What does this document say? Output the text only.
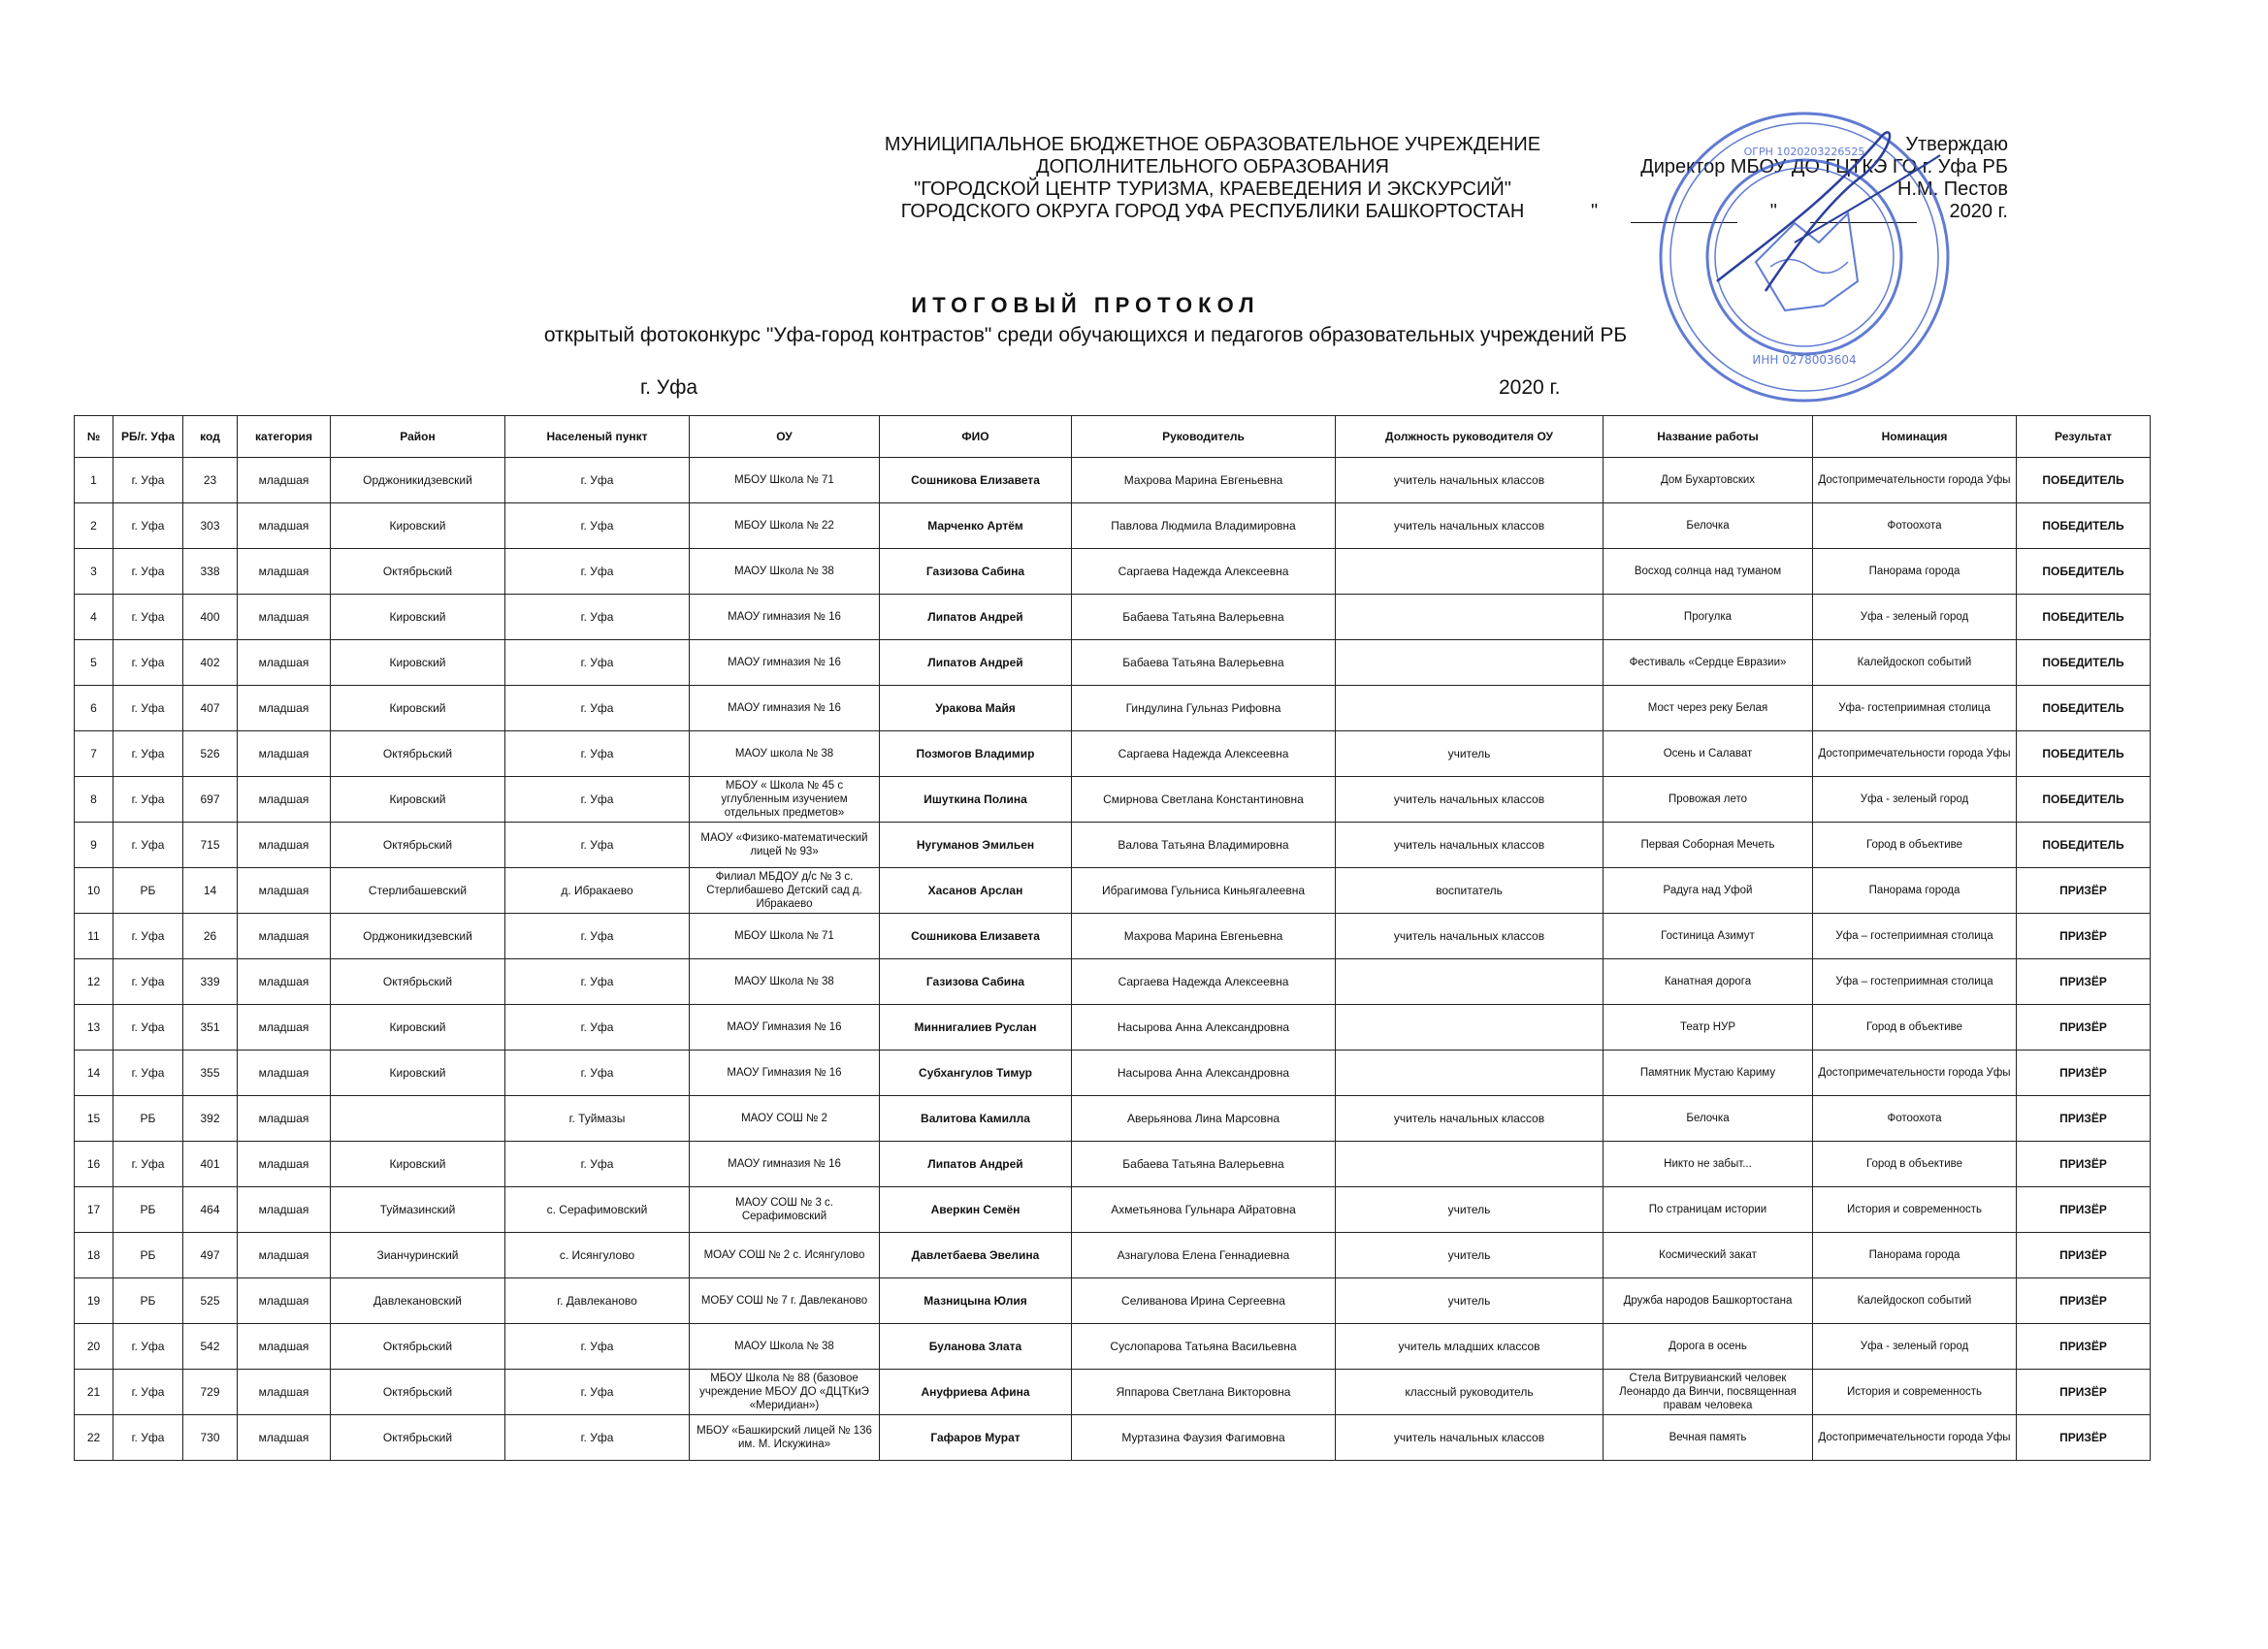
МУНИЦИПАЛЬНОЕ БЮДЖЕТНОЕ ОБРАЗОВАТЕЛЬНОЕ УЧРЕЖДЕНИЕ
ДОПОЛНИТЕЛЬНОГО ОБРАЗОВАНИЯ
"ГОРОДСКОЙ ЦЕНТР ТУРИЗМА, КРАЕВЕДЕНИЯ И ЭКСКУРСИЙ"
ГОРОДСКОГО ОКРУГА ГОРОД УФА РЕСПУБЛИКИ БАШКОРТОСТАН
Утверждаю
Директор МБОУ ДО ГЦТКЭ ГО г. Уфа РБ
Н.М. Пестов
"	"	2020 г.
ОГРН 1020203226525
ИНН 0278003604
ИТОГОВЫЙ ПРОТОКОЛ
открытый фотоконкурс "Уфа-город контрастов" среди обучающихся и педагогов образовательных учреждений РБ
г. Уфа	2020 г.
№	РБ/г. Уфа	код	категория	Район	Населеный пункт	ОУ	ФИО	Руководитель	Должность руководителя ОУ	Название работы	Номинация	Результат
1	г. Уфа	23	младшая	Орджоникидзевский	г. Уфа	МБОУ Школа № 71	Сошникова Елизавета	Махрова Марина Евгеньевна	учитель начальных классов	Дом Бухартовских	Достопримечательности города Уфы	ПОБЕДИТЕЛЬ
2	г. Уфа	303	младшая	Кировский	г. Уфа	МБОУ Школа № 22	Марченко Артём	Павлова Людмила Владимировна	учитель начальных классов	Белочка	Фотоохота	ПОБЕДИТЕЛЬ
3	г. Уфа	338	младшая	Октябрьский	г. Уфа	МАОУ Школа № 38	Газизова Сабина	Саргаева Надежда Алексеевна		Восход солнца над туманом	Панорама города	ПОБЕДИТЕЛЬ
4	г. Уфа	400	младшая	Кировский	г. Уфа	МАОУ гимназия № 16	Липатов Андрей	Бабаева Татьяна Валерьевна		Прогулка	Уфа - зеленый город	ПОБЕДИТЕЛЬ
5	г. Уфа	402	младшая	Кировский	г. Уфа	МАОУ гимназия № 16	Липатов Андрей	Бабаева Татьяна Валерьевна		Фестиваль «Сердце Евразии»	Калейдоскоп событий	ПОБЕДИТЕЛЬ
6	г. Уфа	407	младшая	Кировский	г. Уфа	МАОУ гимназия № 16	Уракова Майя	Гиндулина Гульназ Рифовна		Мост через реку Белая	Уфа- гостеприимная столица	ПОБЕДИТЕЛЬ
7	г. Уфа	526	младшая	Октябрьский	г. Уфа	МАОУ школа № 38	Позмогов Владимир	Саргаева Надежда Алексеевна	учитель	Осень и Салават	Достопримечательности города Уфы	ПОБЕДИТЕЛЬ
8	г. Уфа	697	младшая	Кировский	г. Уфа	МБОУ « Школа № 45 с углубленным изучением отдельных предметов»	Ишуткина Полина	Смирнова Светлана Константиновна	учитель начальных классов	Провожая лето	Уфа - зеленый город	ПОБЕДИТЕЛЬ
9	г. Уфа	715	младшая	Октябрьский	г. Уфа	МАОУ «Физико-математический лицей № 93»	Нугуманов Эмильен	Валова Татьяна Владимировна	учитель начальных классов	Первая Соборная Мечеть	Город в объективе	ПОБЕДИТЕЛЬ
10	РБ	14	младшая	Стерлибашевский	д. Ибракаево	Филиал МБДОУ д/с № 3 с. Стерлибашево Детский сад д. Ибракаево	Хасанов Арслан	Ибрагимова Гульниса Киньягалеевна	воспитатель	Радуга над Уфой	Панорама города	ПРИЗЁР
11	г. Уфа	26	младшая	Орджоникидзевский	г. Уфа	МБОУ Школа № 71	Сошникова Елизавета	Махрова Марина Евгеньевна	учитель начальных классов	Гостиница Азимут	Уфа – гостеприимная столица	ПРИЗЁР
12	г. Уфа	339	младшая	Октябрьский	г. Уфа	МАОУ Школа № 38	Газизова Сабина	Саргаева Надежда Алексеевна		Канатная дорога	Уфа – гостеприимная столица	ПРИЗЁР
13	г. Уфа	351	младшая	Кировский	г. Уфа	МАОУ Гимназия № 16	Миннигалиев Руслан	Насырова Анна Александровна		Театр НУР	Город в объективе	ПРИЗЁР
14	г. Уфа	355	младшая	Кировский	г. Уфа	МАОУ Гимназия № 16	Субхангулов Тимур	Насырова Анна Александровна		Памятник Мустаю Кариму	Достопримечательности города Уфы	ПРИЗЁР
15	РБ	392	младшая		г. Туймазы	МАОУ СОШ № 2	Валитова Камилла	Аверьянова Лина Марсовна	учитель начальных классов	Белочка	Фотоохота	ПРИЗЁР
16	г. Уфа	401	младшая	Кировский	г. Уфа	МАОУ гимназия № 16	Липатов Андрей	Бабаева Татьяна Валерьевна		Никто не забыт...	Город в объективе	ПРИЗЁР
17	РБ	464	младшая	Туймазинский	с. Серафимовский	МАОУ СОШ № 3 с. Серафимовский	Аверкин Семён	Ахметьянова Гульнара Айратовна	учитель	По страницам истории	История и современность	ПРИЗЁР
18	РБ	497	младшая	Зианчуринский	с. Исянгулово	МОАУ СОШ № 2 с. Исянгулово	Давлетбаева Эвелина	Азнагулова Елена Геннадиевна	учитель	Космический закат	Панорама города	ПРИЗЁР
19	РБ	525	младшая	Давлекановский	г. Давлеканово	МОБУ СОШ № 7 г. Давлеканово	Мазницына Юлия	Селиванова Ирина Сергеевна	учитель	Дружба народов Башкортостана	Калейдоскоп событий	ПРИЗЁР
20	г. Уфа	542	младшая	Октябрьский	г. Уфа	МАОУ Школа № 38	Буланова Злата	Суслопарова Татьяна Васильевна	учитель младших классов	Дорога в осень	Уфа - зеленый город	ПРИЗЁР
21	г. Уфа	729	младшая	Октябрьский	г. Уфа	МБОУ Школа № 88 (базовое учреждение МБОУ ДО «ДЦТКиЭ «Меридиан»)	Ануфриева Афина	Яппарова Светлана Викторовна	классный руководитель	Стела Витрувианский человек Леонардо да Винчи, посвященная правам человека	История и современность	ПРИЗЁР
22	г. Уфа	730	младшая	Октябрьский	г. Уфа	МБОУ «Башкирский лицей № 136 им. М. Искужина»	Гафаров Мурат	Муртазина Фаузия Фагимовна	учитель начальных классов	Вечная память	Достопримечательности города Уфы	ПРИЗЁР
